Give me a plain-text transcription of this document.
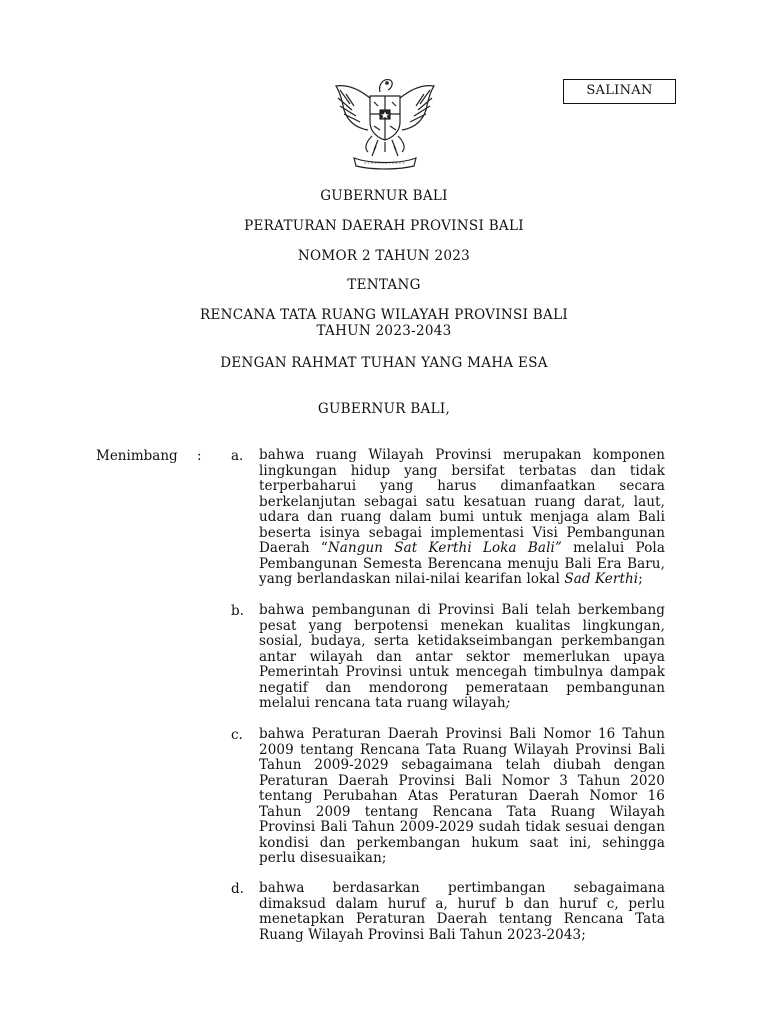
SALINAN
GUBERNUR BALI
PERATURAN DAERAH PROVINSI BALI
NOMOR 2 TAHUN 2023
TENTANG
RENCANA TATA RUANG WILAYAH PROVINSI BALI
TAHUN 2023-2043
DENGAN RAHMAT TUHAN YANG MAHA ESA
GUBERNUR BALI,
Menimbang : a. bahwa ruang Wilayah Provinsi merupakan komponen lingkungan hidup yang bersifat terbatas dan tidak terperbaharui yang harus dimanfaatkan secara berkelanjutan sebagai satu kesatuan ruang darat, laut, udara dan ruang dalam bumi untuk menjaga alam Bali beserta isinya sebagai implementasi Visi Pembangunan Daerah “Nangun Sat Kerthi Loka Bali” melalui Pola Pembangunan Semesta Berencana menuju Bali Era Baru, yang berlandaskan nilai-nilai kearifan lokal Sad Kerthi;
b. bahwa pembangunan di Provinsi Bali telah berkembang pesat yang berpotensi menekan kualitas lingkungan, sosial, budaya, serta ketidakseimbangan perkembangan antar wilayah dan antar sektor memerlukan upaya Pemerintah Provinsi untuk mencegah timbulnya dampak negatif dan mendorong pemerataan pembangunan melalui rencana tata ruang wilayah;
c. bahwa Peraturan Daerah Provinsi Bali Nomor 16 Tahun 2009 tentang Rencana Tata Ruang Wilayah Provinsi Bali Tahun 2009-2029 sebagaimana telah diubah dengan Peraturan Daerah Provinsi Bali Nomor 3 Tahun 2020 tentang Perubahan Atas Peraturan Daerah Nomor 16 Tahun 2009 tentang Rencana Tata Ruang Wilayah Provinsi Bali Tahun 2009-2029 sudah tidak sesuai dengan kondisi dan perkembangan hukum saat ini, sehingga perlu disesuaikan;
d. bahwa berdasarkan pertimbangan sebagaimana dimaksud dalam huruf a, huruf b dan huruf c, perlu menetapkan Peraturan Daerah tentang Rencana Tata Ruang Wilayah Provinsi Bali Tahun 2023-2043;
